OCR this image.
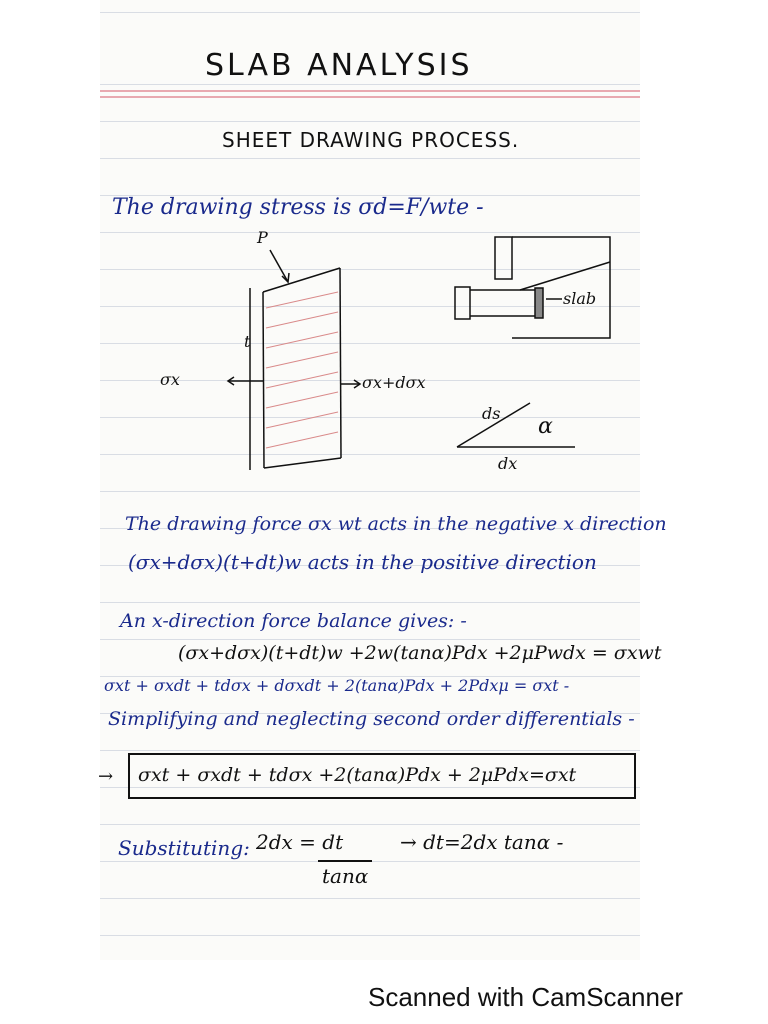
SLAB ANALYSIS
SHEET DRAWING PROCESS.
The drawing stress is σd=F/wte -
P
t
σx	σx+dσx
slab
ds
α
dx
The drawing force σx wt acts in the negative x direction
(σx+dσx)(t+dt)w acts in the positive direction
An x-direction force balance gives: -
(σx+dσx)(t+dt)w +2w(tanα)Pdx +2μPwdx = σxwt
σxt + σxdt + tdσx + dσxdt + 2(tanα)Pdx + 2Pdxμ = σxt -
Simplifying and neglecting second order differentials -
→ σxt + σxdt + tdσx +2(tanα)Pdx + 2μPdx=σxt
Substituting: 2dx = dt
tanα
→ dt=2dx tanα -
Scanned with CamScanner
